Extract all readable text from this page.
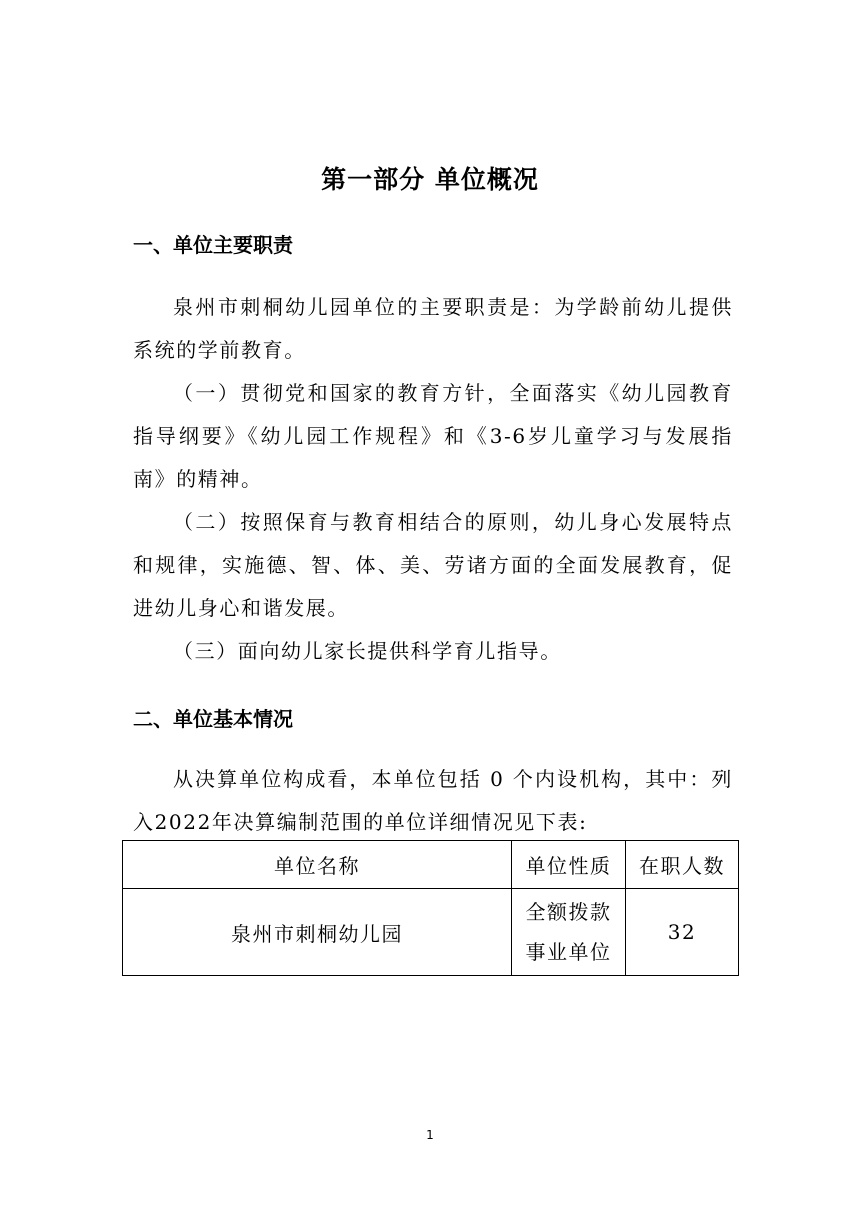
第一部分 单位概况
一、单位主要职责

泉州市刺桐幼儿园单位的主要职责是：为学龄前幼儿提供系统的学前教育。

（一）贯彻党和国家的教育方针，全面落实《幼儿园教育指导纲要》《幼儿园工作规程》和《3-6岁儿童学习与发展指南》的精神。

（二）按照保育与教育相结合的原则，幼儿身心发展特点和规律，实施德、智、体、美、劳诸方面的全面发展教育，促进幼儿身心和谐发展。

（三）面向幼儿家长提供科学育儿指导。

二、单位基本情况

从决算单位构成看，本单位包括 0 个内设机构，其中：列入2022年决算编制范围的单位详细情况见下表:

单位名称	单位性质	在职人数
泉州市刺桐幼儿园	全额拨款事业单位	32
1
